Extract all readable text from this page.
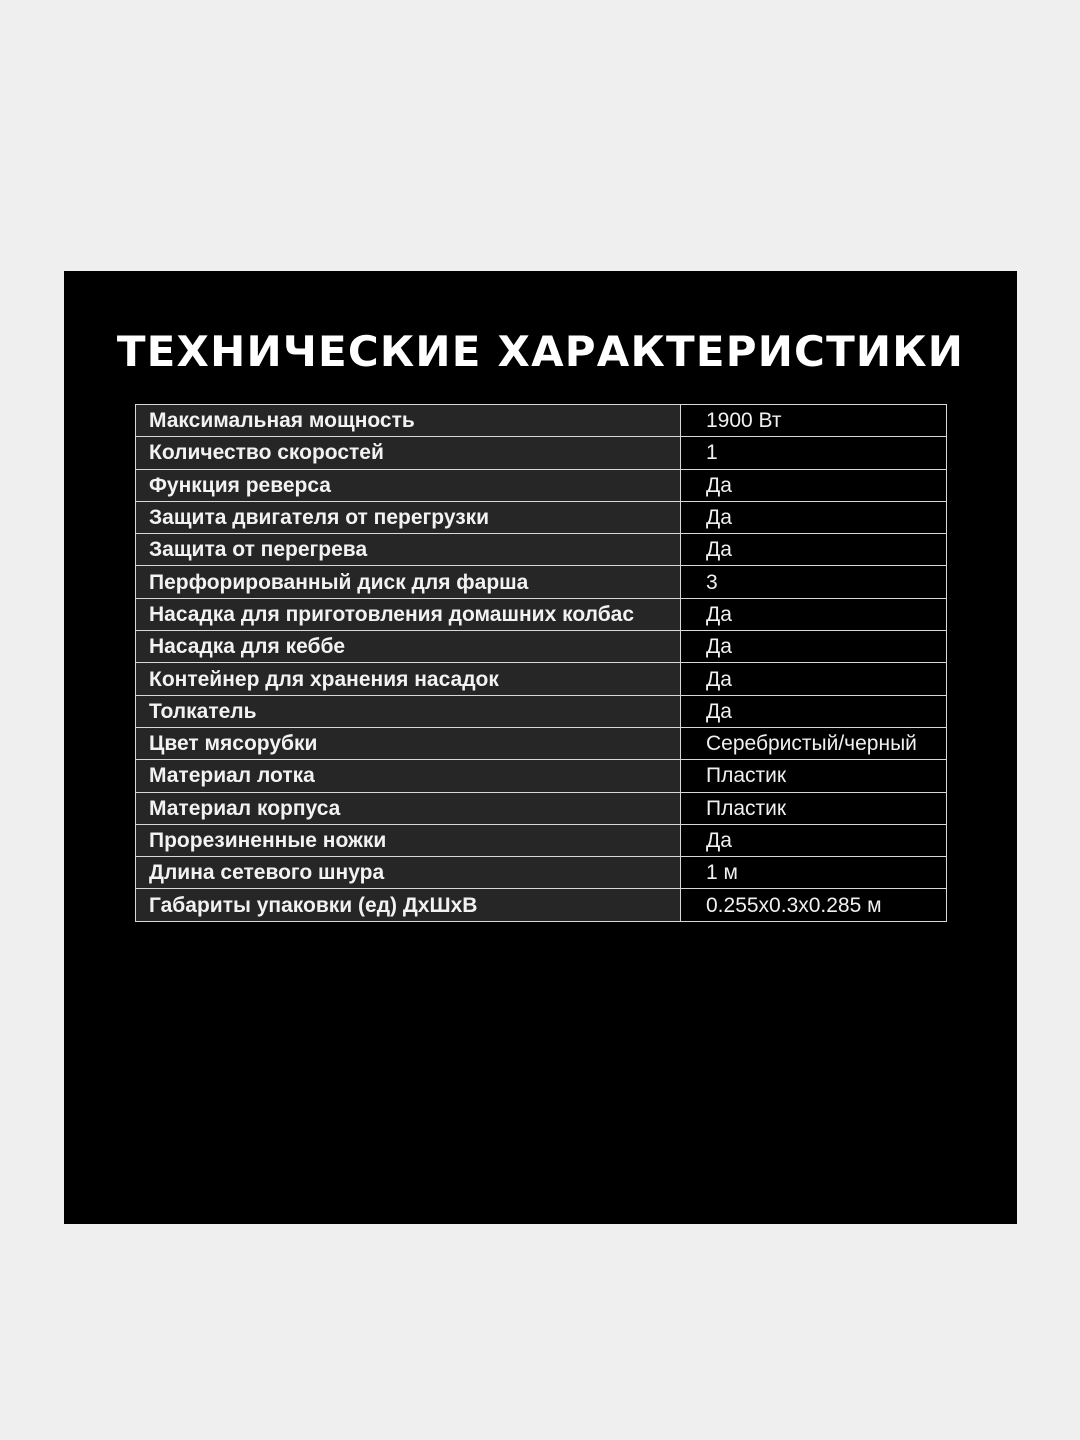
ТЕХНИЧЕСКИЕ ХАРАКТЕРИСТИКИ
Максимальная мощность	1900 Вт
Количество скоростей	1
Функция реверса	Да
Защита двигателя от перегрузки	Да
Защита от перегрева	Да
Перфорированный диск для фарша	3
Насадка для приготовления домашних колбас	Да
Насадка для кеббе	Да
Контейнер для хранения насадок	Да
Толкатель	Да
Цвет мясорубки	Серебристый/черный
Материал лотка	Пластик
Материал корпуса	Пластик
Прорезиненные ножки	Да
Длина сетевого шнура	1 м
Габариты упаковки (ед) ДхШхВ	0.255x0.3x0.285 м
